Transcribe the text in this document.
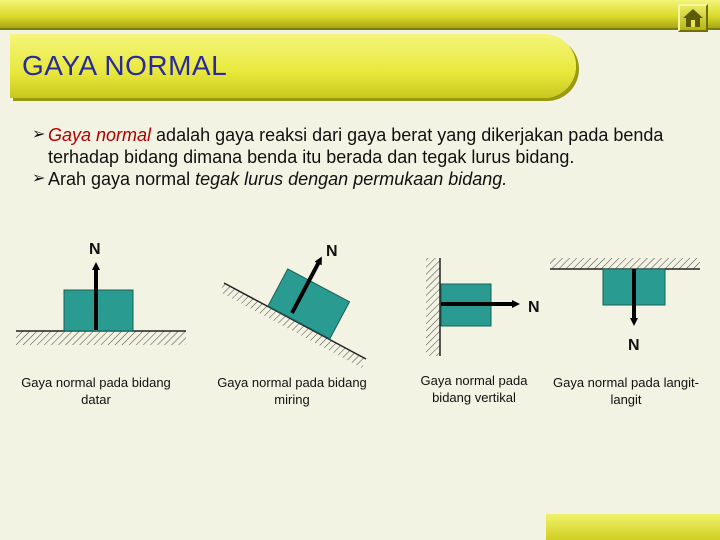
GAYA NORMAL
➢ Gaya normal adalah gaya reaksi dari gaya berat yang dikerjakan pada benda terhadap bidang dimana benda itu berada dan tegak lurus bidang.
➢ Arah gaya normal tegak lurus dengan permukaan bidang.
N	N
N
N
Gaya normal pada bidang
datar
Gaya normal pada bidang
miring
Gaya normal pada
bidang vertikal
Gaya normal pada langit-
langit
